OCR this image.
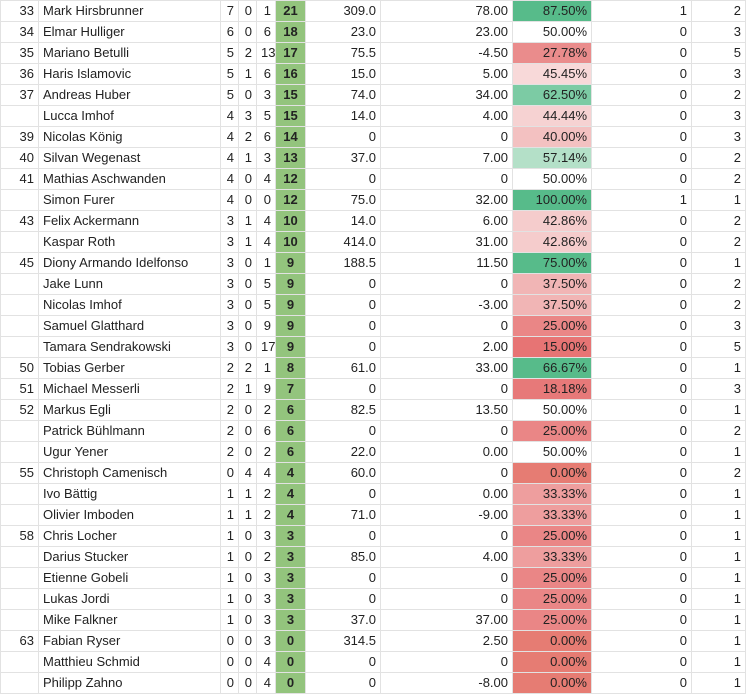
33	Mark Hirsbrunner	7	0	1	21	309.0	78.00	87.50%	1	2
34	Elmar Hulliger	6	0	6	18	23.0	23.00	50.00%	0	3
35	Mariano Betulli	5	2	13	17	75.5	-4.50	27.78%	0	5
36	Haris Islamovic	5	1	6	16	15.0	5.00	45.45%	0	3
37	Andreas Huber	5	0	3	15	74.0	34.00	62.50%	0	2
	Lucca Imhof	4	3	5	15	14.0	4.00	44.44%	0	3
39	Nicolas König	4	2	6	14	0	0	40.00%	0	3
40	Silvan Wegenast	4	1	3	13	37.0	7.00	57.14%	0	2
41	Mathias Aschwanden	4	0	4	12	0	0	50.00%	0	2
	Simon Furer	4	0	0	12	75.0	32.00	100.00%	1	1
43	Felix Ackermann	3	1	4	10	14.0	6.00	42.86%	0	2
	Kaspar Roth	3	1	4	10	414.0	31.00	42.86%	0	2
45	Diony Armando Idelfonso	3	0	1	9	188.5	11.50	75.00%	0	1
	Jake Lunn	3	0	5	9	0	0	37.50%	0	2
	Nicolas Imhof	3	0	5	9	0	-3.00	37.50%	0	2
	Samuel Glatthard	3	0	9	9	0	0	25.00%	0	3
	Tamara Sendrakowski	3	0	17	9	0	2.00	15.00%	0	5
50	Tobias Gerber	2	2	1	8	61.0	33.00	66.67%	0	1
51	Michael Messerli	2	1	9	7	0	0	18.18%	0	3
52	Markus Egli	2	0	2	6	82.5	13.50	50.00%	0	1
	Patrick Bühlmann	2	0	6	6	0	0	25.00%	0	2
	Ugur Yener	2	0	2	6	22.0	0.00	50.00%	0	1
55	Christoph Camenisch	0	4	4	4	60.0	0	0.00%	0	2
	Ivo Bättig	1	1	2	4	0	0.00	33.33%	0	1
	Olivier Imboden	1	1	2	4	71.0	-9.00	33.33%	0	1
58	Chris Locher	1	0	3	3	0	0	25.00%	0	1
	Darius Stucker	1	0	2	3	85.0	4.00	33.33%	0	1
	Etienne Gobeli	1	0	3	3	0	0	25.00%	0	1
	Lukas Jordi	1	0	3	3	0	0	25.00%	0	1
	Mike Falkner	1	0	3	3	37.0	37.00	25.00%	0	1
63	Fabian Ryser	0	0	3	0	314.5	2.50	0.00%	0	1
	Matthieu Schmid	0	0	4	0	0	0	0.00%	0	1
	Philipp Zahno	0	0	4	0	0	-8.00	0.00%	0	1
